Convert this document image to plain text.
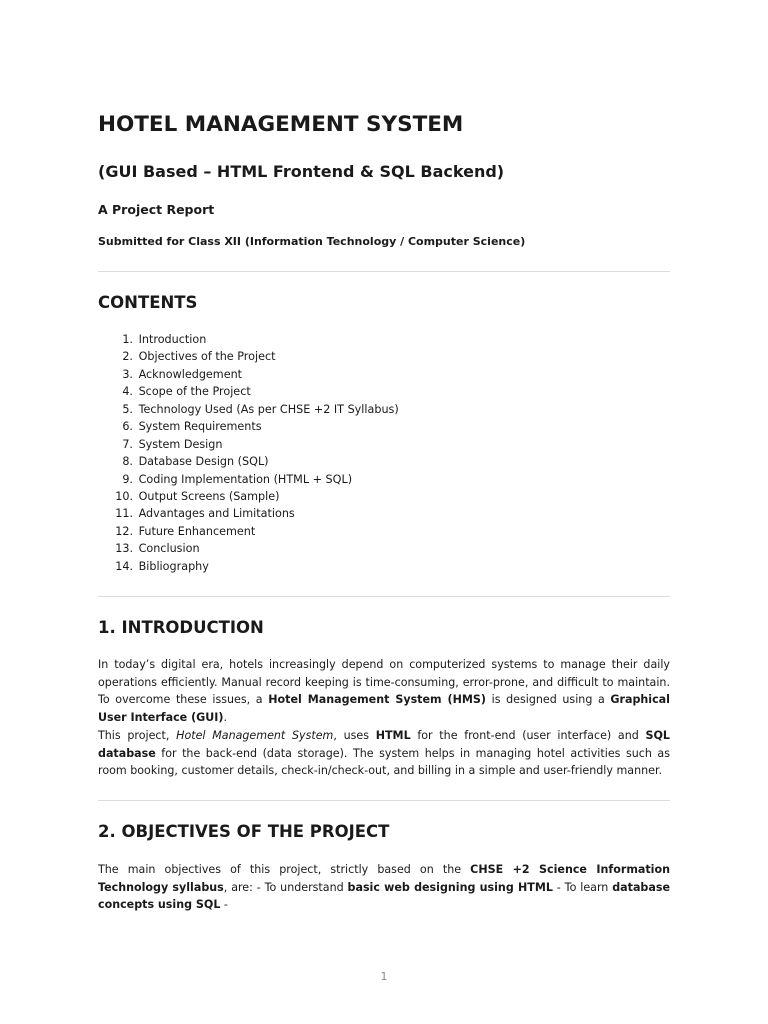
HOTEL MANAGEMENT SYSTEM
(GUI Based – HTML Frontend & SQL Backend)
A Project Report
Submitted for Class XII (Information Technology / Computer Science)
CONTENTS
1. Introduction
2. Objectives of the Project
3. Acknowledgement
4. Scope of the Project
5. Technology Used (As per CHSE +2 IT Syllabus)
6. System Requirements
7. System Design
8. Database Design (SQL)
9. Coding Implementation (HTML + SQL)
10. Output Screens (Sample)
11. Advantages and Limitations
12. Future Enhancement
13. Conclusion
14. Bibliography
1. INTRODUCTION

In today’s digital era, hotels increasingly depend on computerized systems to manage their daily operations efficiently. Manual record keeping is time-consuming, error-prone, and difficult to maintain. To overcome these issues, a Hotel Management System (HMS) is designed using a Graphical User Interface (GUI).

This project, Hotel Management System, uses HTML for the front-end (user interface) and SQL database for the back-end (data storage). The system helps in managing hotel activities such as room booking, customer details, check-in/check-out, and billing in a simple and user-friendly manner.

2. OBJECTIVES OF THE PROJECT

The main objectives of this project, strictly based on the CHSE +2 Science Information Technology syllabus, are: - To understand basic web designing using HTML - To learn database concepts using SQL -

1
